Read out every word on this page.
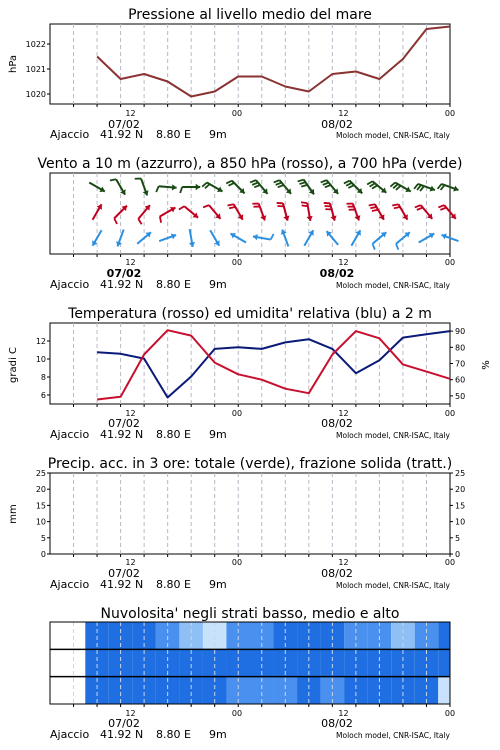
Pressione al livello medio del mare
hPa
1020
1021
1022
12	00	12	00
07/02	08/02
Ajaccio 41.92 N 8.80 E 9m	Moloch model, CNR-ISAC, Italy
Vento a 10 m (azzurro), a 850 hPa (rosso), a 700 hPa (verde)
12	00	12	00
07/02	08/02
Ajaccio 41.92 N 8.80 E 9m	Moloch model, CNR-ISAC, Italy
Temperatura (rosso) ed umidita' relativa (blu) a 2 m
gradi C	%
6
8
10
12
50
60
70
80
90
12	00	12	00
07/02	08/02
Ajaccio 41.92 N 8.80 E 9m	Moloch model, CNR-ISAC, Italy
Precip. acc. in 3 ore: totale (verde), frazione solida (tratt.)
mm
0
5
10
15
20
25
0
5
10
15
20
25
12	00	12	00
07/02	08/02
Ajaccio 41.92 N 8.80 E 9m	Moloch model, CNR-ISAC, Italy
Nuvolosita' negli strati basso, medio e alto
12	00	12	00
07/02	08/02
Ajaccio 41.92 N 8.80 E 9m	Moloch model, CNR-ISAC, Italy
